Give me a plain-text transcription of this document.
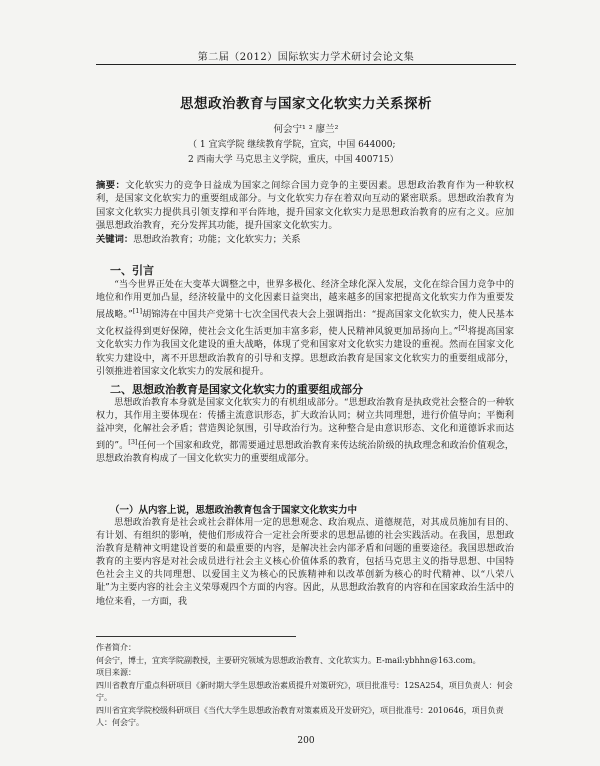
第二届（2012）国际软实力学术研讨会论文集
思想政治教育与国家文化软实力关系探析
何会宁¹ ² 廖兰²
（ 1 宜宾学院 继续教育学院，宜宾，中国 644000;
2 西南大学 马克思主义学院，重庆，中国 400715）
摘要：文化软实力的竞争日益成为国家之间综合国力竞争的主要因素。思想政治教育作为一种软权利，是国家文化软实力的重要组成部分。与文化软实力存在着双向互动的紧密联系。思想政治教育为国家文化软实力提供具引领支撑和平台阵地，提升国家文化软实力是思想政治教育的应有之义。应加强思想政治教育，充分发挥其功能，提升国家文化软实力。
关键词：思想政治教育；功能；文化软实力；关系
一、引言
“当今世界正处在大变革大调整之中，世界多极化、经济全球化深入发展，文化在综合国力竞争中的地位和作用更加凸显，经济较量中的文化因素日益突出，越来越多的国家把提高文化软实力作为重要发展战略。”[1]胡锦涛在中国共产党第十七次全国代表大会上强调指出：“提高国家文化软实力，使人民基本文化权益得到更好保障，使社会文化生活更加丰富多彩，使人民精神风貌更加昂扬向上。”[2]将提高国家文化软实力作为我国文化建设的重大战略，体现了党和国家对文化软实力建设的重视。然而在国家文化软实力建设中，离不开思想政治教育的引导和支撑。思想政治教育是国家文化软实力的重要组成部分，引领推进着国家文化软实力的发展和提升。
二、思想政治教育是国家文化软实力的重要组成部分
思想政治教育本身就是国家文化软实力的有机组成部分。“思想政治教育是执政党社会整合的一种软权力，其作用主要体现在：传播主流意识形态，扩大政治认同；树立共同理想，进行价值导向；平衡利益冲突，化解社会矛盾；营造舆论氛围，引导政治行为。这种整合是由意识形态、文化和道德诉求而达到的”。[3]任何一个国家和政党，都需要通过思想政治教育来传达统治阶级的执政理念和政治价值观念，思想政治教育构成了一国文化软实力的重要组成部分。
（一）从内容上说，思想政治教育包含于国家文化软实力中
思想政治教育是社会或社会群体用一定的思想观念、政治观点、道德规范，对其成员施加有目的、有计划、有组织的影响，使他们形成符合一定社会所要求的思想品德的社会实践活动。在我国，思想政治教育是精神文明建设首要的和最重要的内容，是解决社会内部矛盾和问题的重要途径。我国思想政治教育的主要内容是对社会成员进行社会主义核心价值体系的教育，包括马克思主义的指导思想、中国特色社会主义的共同理想、以爱国主义为核心的民族精神和以改革创新为核心的时代精神、以“八荣八耻”为主要内容的社会主义荣辱观四个方面的内容。因此，从思想政治教育的内容和在国家政治生活中的地位来看，一方面，我
作者简介：
何会宁，博士，宜宾学院副教授，主要研究领域为思想政治教育、文化软实力。E-mail:ybhhn@163.com。
项目来源：
四川省教育厅重点科研项目《新时期大学生思想政治素质提升对策研究》，项目批准号：12SA254，项目负责人：何会宁。
四川省宜宾学院校级科研项目《当代大学生思想政治教育对策素质及开发研究》，项目批准号：2010646，项目负责人：何会宁。
200
